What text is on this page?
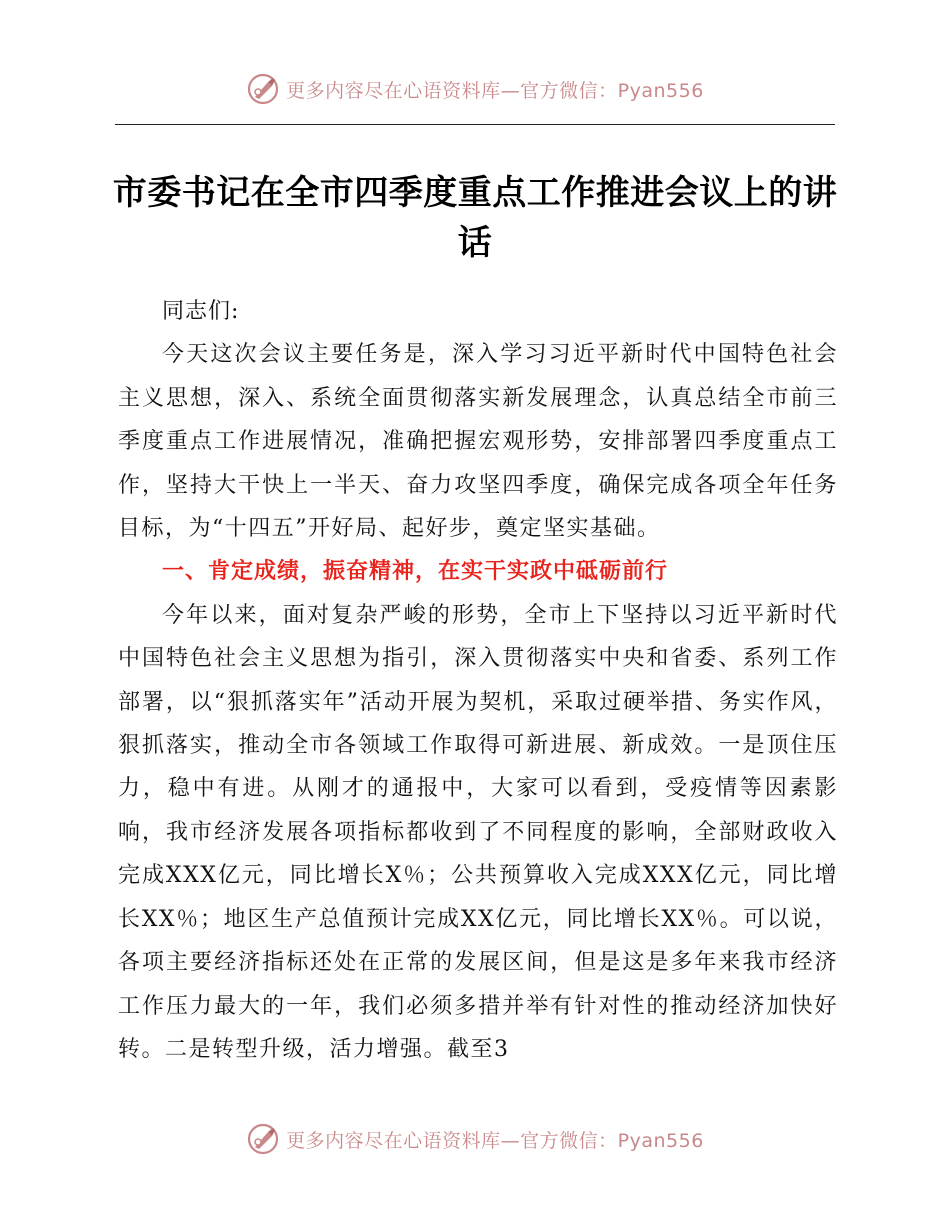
更多内容尽在心语资料库—官方微信：Pyan556
市委书记在全市四季度重点工作推进会议上的讲话

同志们:

今天这次会议主要任务是，深入学习习近平新时代中国特色社会主义思想，深入、系统全面贯彻落实新发展理念，认真总结全市前三季度重点工作进展情况，准确把握宏观形势，安排部署四季度重点工作，坚持大干快上一半天、奋力攻坚四季度，确保完成各项全年任务目标，为“十四五”开好局、起好步，奠定坚实基础。

一、肯定成绩，振奋精神，在实干实政中砥砺前行

今年以来，面对复杂严峻的形势，全市上下坚持以习近平新时代中国特色社会主义思想为指引，深入贯彻落实中央和省委、系列工作部署，以“狠抓落实年”活动开展为契机，采取过硬举措、务实作风，狠抓落实，推动全市各领域工作取得可新进展、新成效。一是顶住压力，稳中有进。从刚才的通报中，大家可以看到，受疫情等因素影响，我市经济发展各项指标都收到了不同程度的影响，全部财政收入完成XXX亿元，同比增长X％；公共预算收入完成XXX亿元，同比增长XX％；地区生产总值预计完成XX亿元，同比增长XX％。可以说，各项主要经济指标还处在正常的发展区间，但是这是多年来我市经济工作压力最大的一年，我们必须多措并举有针对性的推动经济加快好转。二是转型升级，活力增强。截至3

更多内容尽在心语资料库—官方微信：Pyan556
